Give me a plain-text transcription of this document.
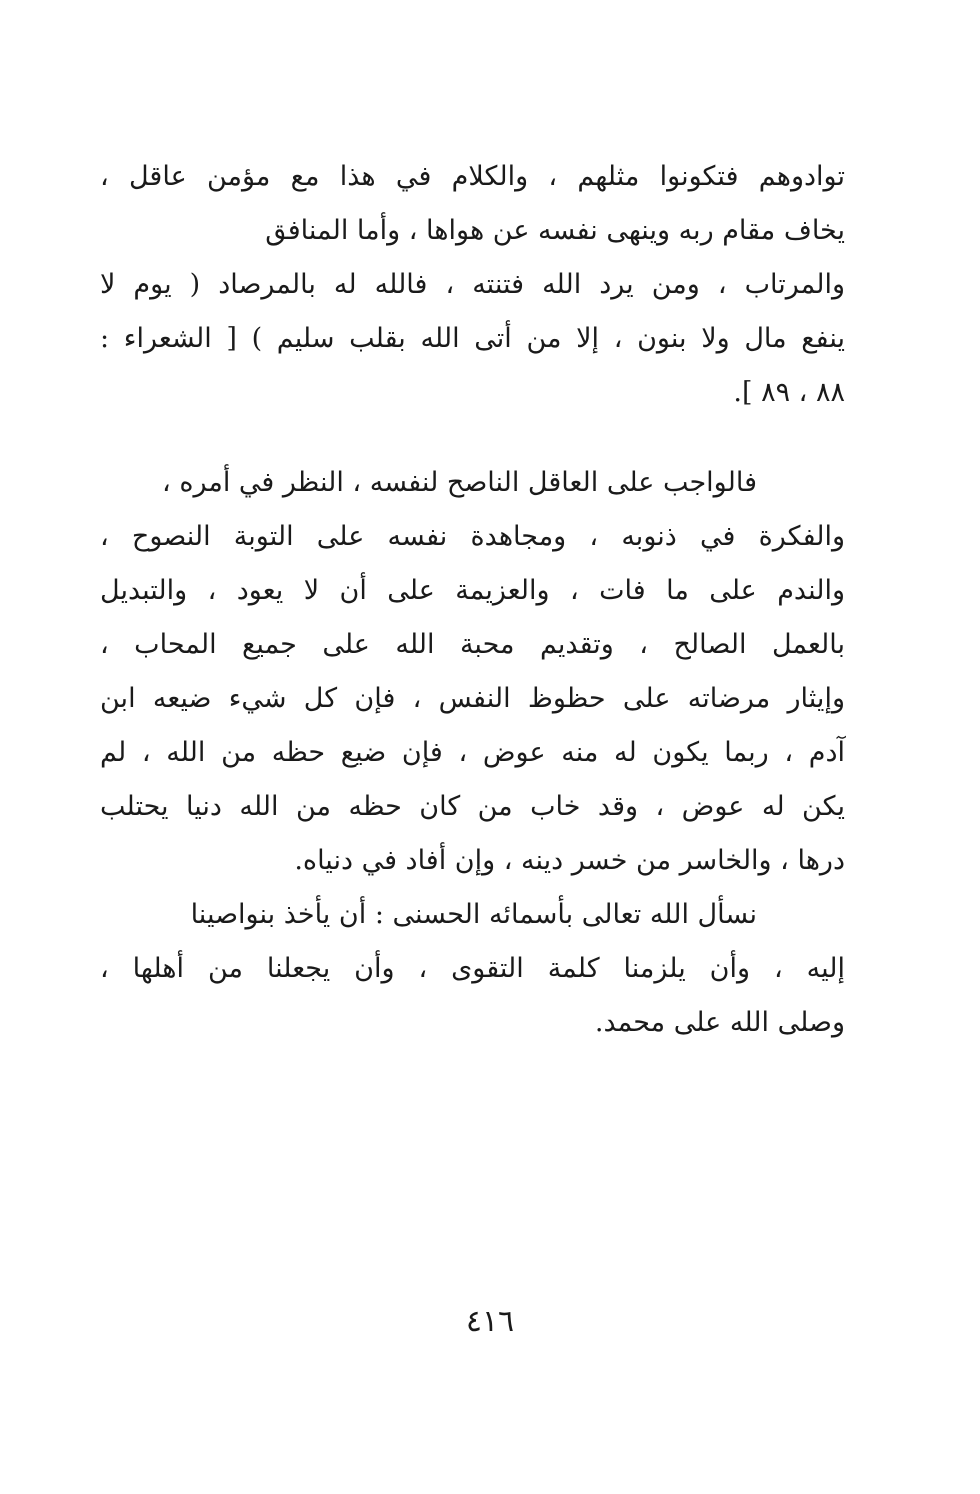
توادوهم فتكونوا مثلهم ، والكلام في هذا مع مؤمن عاقل ،
يخاف مقام ربه وينهى نفسه عن هواها ، وأما المنافق
والمرتاب ، ومن يرد الله فتنته ، فالله له بالمرصاد ( يوم لا
ينفع مال ولا بنون ، إلا من أتى الله بقلب سليم ) [ الشعراء :
٨٨ ، ٨٩ ].
فالواجب على العاقل الناصح لنفسه ، النظر في أمره ،
والفكرة في ذنوبه ، ومجاهدة نفسه على التوبة النصوح ،
والندم على ما فات ، والعزيمة على أن لا يعود ، والتبديل
بالعمل الصالح ، وتقديم محبة الله على جميع المحاب ،
وإيثار مرضاته على حظوظ النفس ، فإن كل شيء ضيعه ابن
آدم ، ربما يكون له منه عوض ، فإن ضيع حظه من الله ، لم
يكن له عوض ، وقد خاب من كان حظه من الله دنيا يحتلب
درها ، والخاسر من خسر دينه ، وإن أفاد في دنياه.
نسأل الله تعالى بأسمائه الحسنى : أن يأخذ بنواصينا
إليه ، وأن يلزمنا كلمة التقوى ، وأن يجعلنا من أهلها ،
وصلى الله على محمد.
٤١٦
